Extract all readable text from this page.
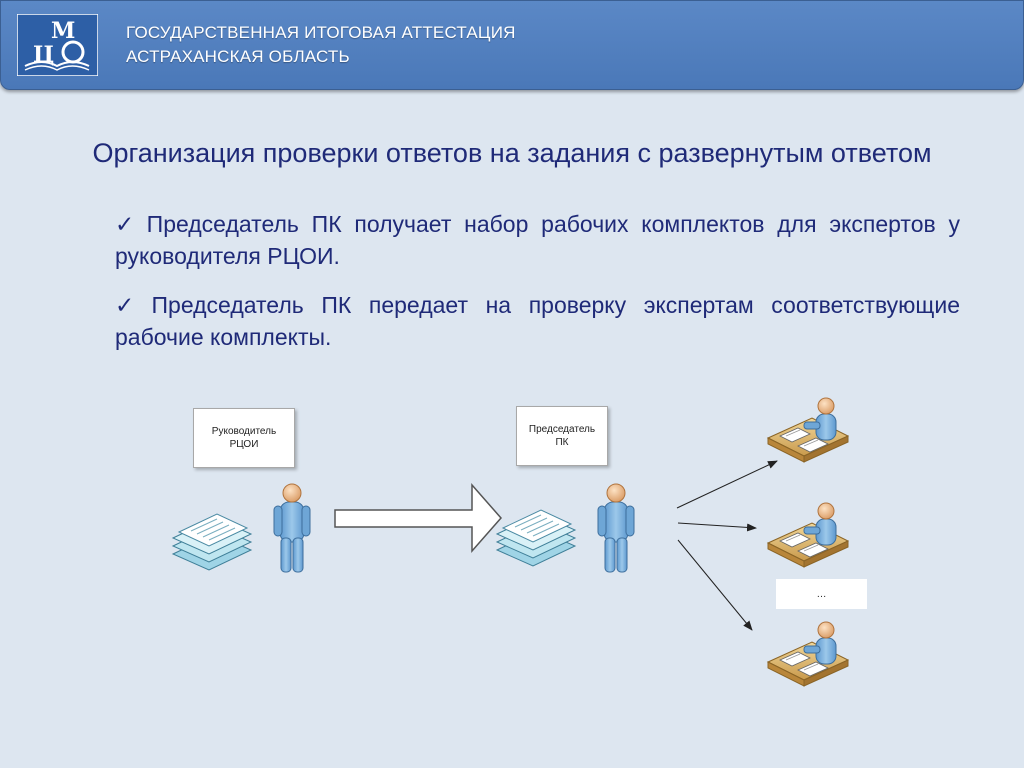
М
Ц
ГОСУДАРСТВЕННАЯ ИТОГОВАЯ АТТЕСТАЦИЯ
АСТРАХАНСКАЯ ОБЛАСТЬ
Организация проверки ответов на задания с развернутым ответом
✓ Председатель ПК получает набор рабочих комплектов для экспертов у руководителя РЦОИ.
✓ Председатель ПК передает на проверку экспертам соответствующие рабочие комплекты.
Руководитель
РЦОИ
Председатель
ПК
…
